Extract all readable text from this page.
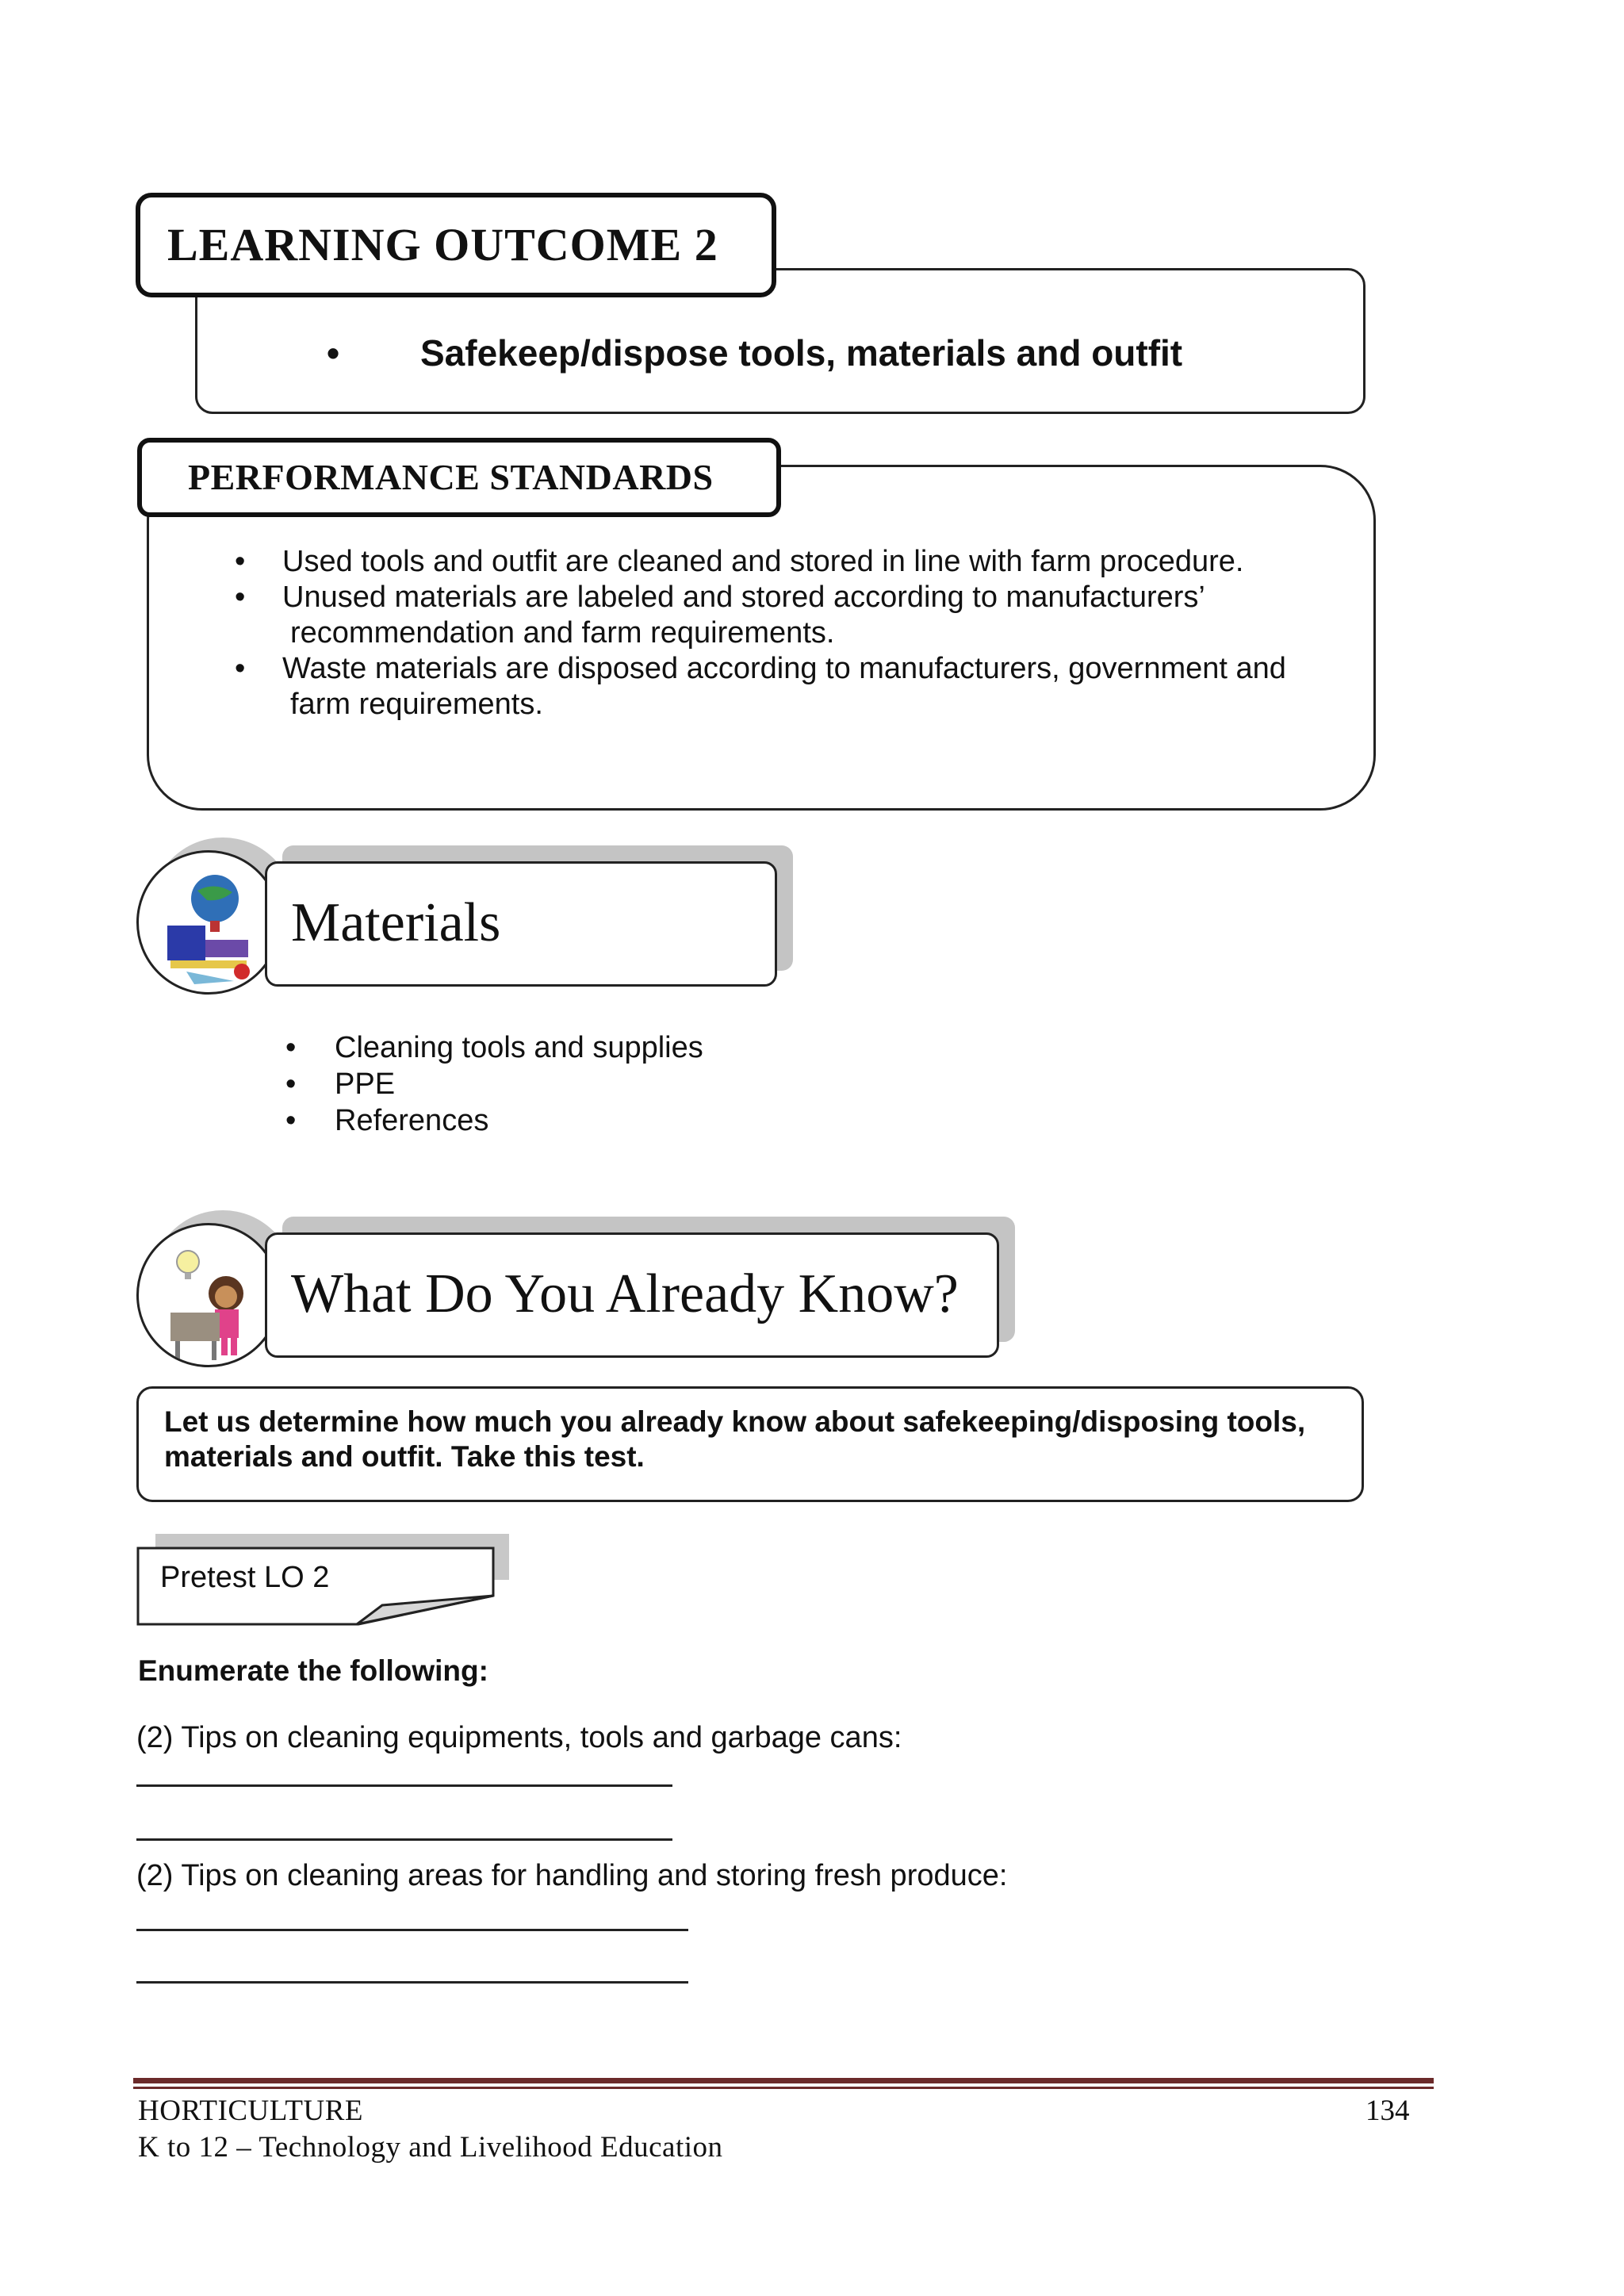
LEARNING OUTCOME 2
• Safekeep/dispose tools, materials and outfit
PERFORMANCE STANDARDS
•	Used tools and outfit are cleaned and stored in line with farm procedure.
•	Unused materials are labeled and stored according to manufacturers’
recommendation and farm requirements.
•	Waste materials are disposed according to manufacturers, government and
farm requirements.
Materials
• Cleaning tools and supplies
• PPE
• References
What Do You Already Know?
Let us determine how much you already know about safekeeping/disposing tools,
materials and outfit. Take this test.
Pretest LO 2
Enumerate the following:
(2) Tips on cleaning equipments, tools and garbage cans:
(2) Tips on cleaning areas for handling and storing fresh produce:
HORTICULTURE
K to 12 – Technology and Livelihood Education
134
